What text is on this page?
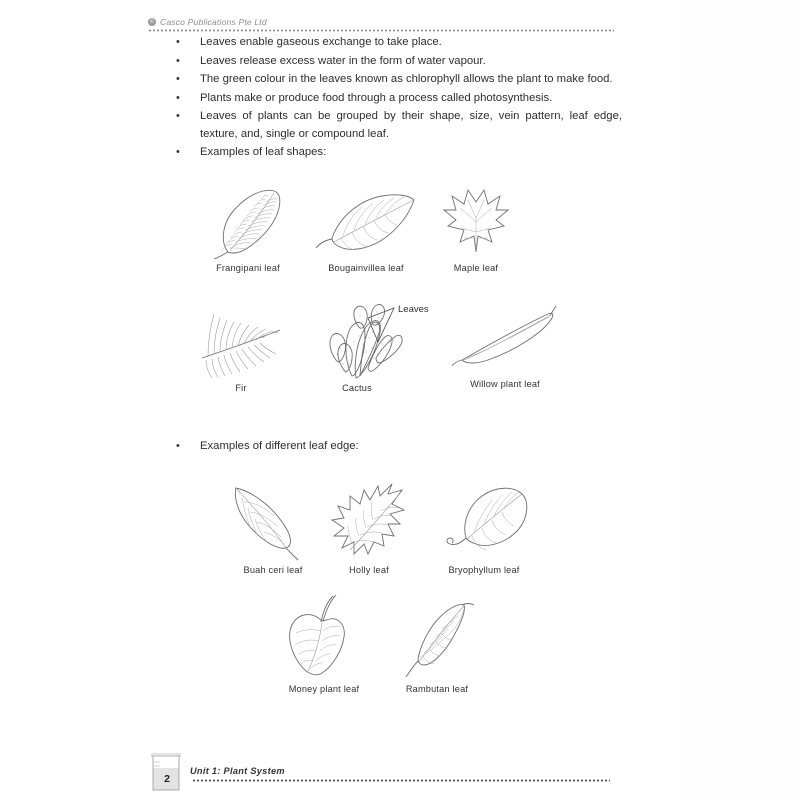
© Casco Publications Pte Ltd
•	Leaves enable gaseous exchange to take place.
•	Leaves release excess water in the form of water vapour.
•	The green colour in the leaves known as chlorophyll allows the plant to make food.
•	Plants make or produce food through a process called photosynthesis.
•	Leaves of plants can be grouped by their shape, size, vein pattern, leaf edge, texture, and, single or compound leaf.
•	Examples of leaf shapes:
Frangipani leaf	Bougainvillea leaf	Maple leaf
Fir
Leaves
Cactus	Willow plant leaf
•	Examples of different leaf edge:
Buah ceri leaf	Holly leaf	Bryophyllum leaf
Money plant leaf	Rambutan leaf
2
Unit 1: Plant System
